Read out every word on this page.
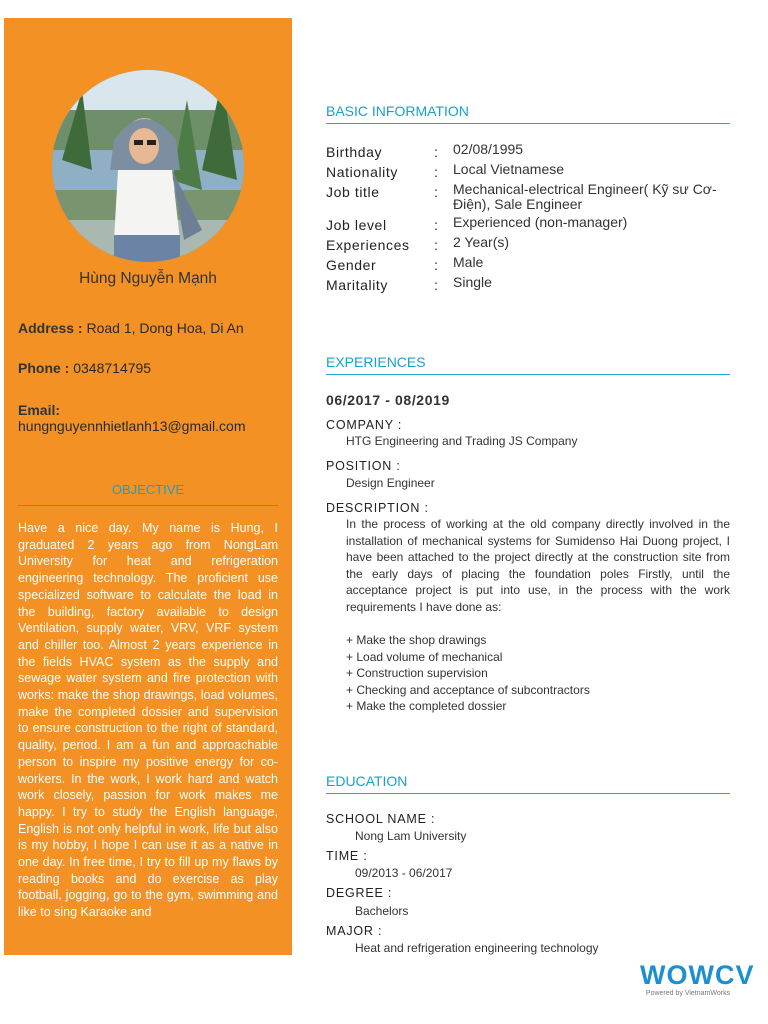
Hùng Nguyễn Mạnh
Address : Road 1, Dong Hoa, Di An
Phone : 0348714795
Email:
hungnguyennhietlanh13@gmail.com
OBJECTIVE
Have a nice day. My name is Hung, I graduated 2 years ago from NongLam University for heat and refrigeration engineering technology. The proficient use specialized software to calculate the load in the building, factory available to design Ventilation, supply water, VRV, VRF system and chiller too. Almost 2 years experience in the fields HVAC system as the supply and sewage water system and fire protection with works: make the shop drawings, load volumes, make the completed dossier and supervision to ensure construction to the right of standard, quality, period. I am a fun and approachable person to inspire my positive energy for co-workers. In the work, I work hard and watch work closely, passion for work makes me happy. I try to study the English language, English is not only helpful in work, life but also is my hobby, I hope I can use it as a native in one day. In free time, I try to fill up my flaws by reading books and do exercise as play football, jogging, go to the gym, swimming and like to sing Karaoke and
BASIC INFORMATION
Birthday	: 02/08/1995
Nationality	: Local Vietnamese
Job title	: Mechanical-electrical Engineer( Kỹ sư Cơ-Điện), Sale Engineer
Job level	: Experienced (non-manager)
Experiences : 2 Year(s)
Gender	: Male
Maritality	: Single
EXPERIENCES
06/2017 - 08/2019
COMPANY :
HTG Engineering and Trading JS Company
POSITION :
Design Engineer
DESCRIPTION :
In the process of working at the old company directly involved in the installation of mechanical systems for Sumidenso Hai Duong project, I have been attached to the project directly at the construction site from the early days of placing the foundation poles Firstly, until the acceptance project is put into use, in the process with the work requirements I have done as:
+ Make the shop drawings
+ Load volume of mechanical
+ Construction supervision
+ Checking and acceptance of subcontractors
+ Make the completed dossier
EDUCATION
SCHOOL NAME :
Nong Lam University
TIME :
09/2013 - 06/2017
DEGREE :
Bachelors
MAJOR :
Heat and refrigeration engineering technology
WOWCV
Powered by VietnamWorks
